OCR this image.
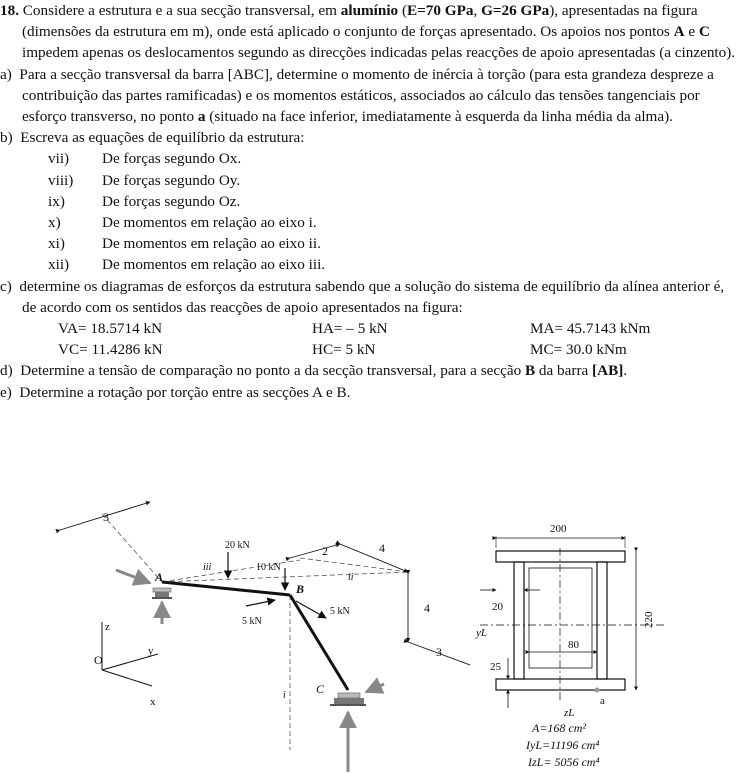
18. Considere a estrutura e a sua secção transversal, em alumínio (E=70 GPa, G=26 GPa), apresentadas na figura (dimensões da estrutura em m), onde está aplicado o conjunto de forças apresentado. Os apoios nos pontos A e C impedem apenas os deslocamentos segundo as direcções indicadas pelas reacções de apoio apresentadas (a cinzento).

a) Para a secção transversal da barra [ABC], determine o momento de inércia à torção (para esta grandeza despreze a contribuição das partes ramificadas) e os momentos estáticos, associados ao cálculo das tensões tangenciais por esforço transverso, no ponto a (situado na face inferior, imediatamente à esquerda da linha média da alma).

b) Escreva as equações de equilíbrio da estrutura:

vii) De forças segundo Ox.
viii) De forças segundo Oy.
ix) De forças segundo Oz.
x)	De momentos em relação ao eixo i.
xi) De momentos em relação ao eixo ii.
xii) De momentos em relação ao eixo iii.

c) determine os diagramas de esforços da estrutura sabendo que a solução do sistema de equilíbrio da alínea anterior é, de acordo com os sentidos das reacções de apoio apresentados na figura:

VA= 18.5714 kN	HA= – 5 kN	MA= 45.7143 kNm
VC= 11.4286 kN	HC= 5 kN	MC= 30.0 kNm

d) Determine a tensão de comparação no ponto a da secção transversal, para a secção B da barra [AB].

e) Determine a rotação por torção entre as secções A e B.

3
2	4
4
3
20 kN
10 kN
5 kN
5 kN
A
C
B
iii
ii
i
O
z
y
x
200
220
20
25
80
yL
zL
a
A=168 cm²
IyL=11196 cm⁴
IzL= 5056 cm⁴
